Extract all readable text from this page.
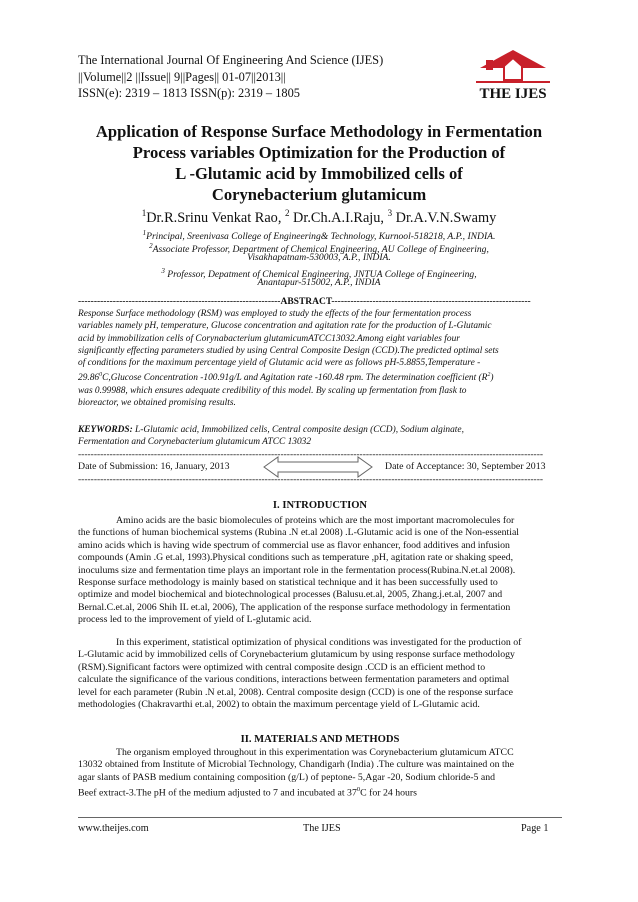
The International Journal Of Engineering And Science (IJES)
||Volume||2 ||Issue|| 9||Pages|| 01-07||2013||
ISSN(e): 2319 – 1813 ISSN(p): 2319 – 1805	THE IJES
Application of Response Surface Methodology in Fermentation
Process variables Optimization for the Production of
L -Glutamic acid by Immobilized cells of
Corynebacterium glutamicum
$^1$Dr.R.Srinu Venkat Rao, $^2$ Dr.Ch.A.I.Raju, $^3$ Dr.A.V.N.Swamy
$^1$Principal, Sreenivasa College of Engineering& Technology, Kurnool-518218, A.P., INDIA.
$^2$Associate Professor, Department of Chemical Engineering, AU College of Engineering,
Visakhapatnam-530003, A.P., INDIA.
$^3$ Professor, Depatment of Chemical Engineering, JNTUA College of Engineering,
Anantapur-515002, A.P., INDIA
----------------------------------------------------------------ABSTRACT---------------------------------------------------------------
Response Surface methodology (RSM) was employed to study the effects of the four fermentation process
variables namely pH, temperature, Glucose concentration and agitation rate for the production of L-Glutamic
acid by immobilization cells of Corynabacterium glutamicumATCC13032.Among eight variables four
significantly effecting parameters studied by using Central Composite Design (CCD).The predicted optimal sets
of conditions for the maximum percentage yield of Glutamic acid were as follows pH-5.8855,Temperature -
29.86$^0$C,Glucose Concentration -100.91g/L and Agitation rate -160.48 rpm. The determination coefficient $(R^2)$
was 0.99988, which ensures adequate credibility of this model. By scaling up fermentation from flask to
bioreactor, we obtained promising results.
KEYWORDS: L-Glutamic acid, Immobilized cells, Central composite design (CCD), Sodium alginate,
Fermentation and Corynebacterium glutamicum ATCC 13032
---------------------------------------------------------------------------------------------------------------------------------------------------
Date of Submission: 16, January, 2013	Date of Acceptance: 30, September 2013
---------------------------------------------------------------------------------------------------------------------------------------------------
I. INTRODUCTION
Amino acids are the basic biomolecules of proteins which are the most important macromolecules for
the functions of human biochemical systems (Rubina .N et.al 2008) .L-Glutamic acid is one of the Non-essential
amino acids which is having wide spectrum of commercial use as flavor enhancer, food additives and infusion
compounds (Amin .G et.al, 1993).Physical conditions such as temperature ,pH, agitation rate or shaking speed,
inoculums size and fermentation time plays an important role in the fermentation process(Rubina.N.et.al 2008).
Response surface methodology is mainly based on statistical technique and it has been successfully used to
optimize and model biochemical and biotechnological processes (Balusu.et.al, 2005, Zhang.j.et.al, 2007 and
Bernal.C.et.al, 2006 Shih IL et.al, 2006), The application of the response surface methodology in fermentation
process led to the improvement of yield of L-glutamic acid.
In this experiment, statistical optimization of physical conditions was investigated for the production of
L-Glutamic acid by immobilized cells of Corynebacterium glutamicum by using response surface methodology
(RSM).Significant factors were optimized with central composite design .CCD is an efficient method to
calculate the significance of the various conditions, interactions between fermentation parameters and optimal
level for each parameter (Rubin .N et.al, 2008). Central composite design (CCD) is one of the response surface
methodologies (Chakravarthi et.al, 2002) to obtain the maximum percentage yield of L-Glutamic acid.
II. MATERIALS AND METHODS
The organism employed throughout in this experimentation was Corynebacterium glutamicum ATCC
13032 obtained from Institute of Microbial Technology, Chandigarh (India) .The culture was maintained on the
agar slants of PASB medium containing composition (g/L) of peptone- 5,Agar -20, Sodium chloride-5 and
Beef extract-3.The pH of the medium adjusted to 7 and incubated at $37^0C$ for 24 hours
www.theijes.com	The IJES	Page 1
